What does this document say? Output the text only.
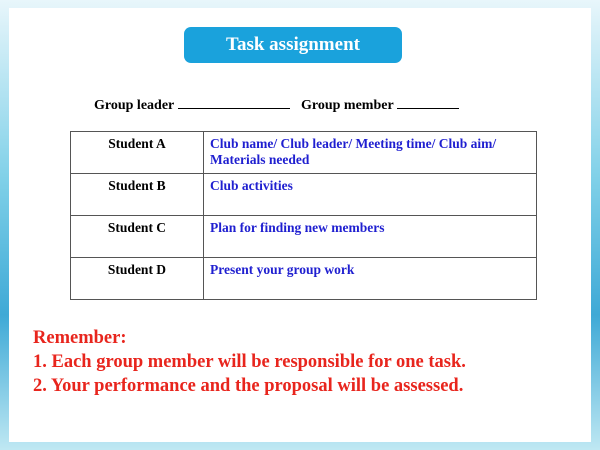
Task assignment
Group leader	Group member
Student A	Club name/ Club leader/ Meeting time/ Club aim/
Materials needed

Student B	Club activities
Student C	Plan for finding new members
Student D	Present your group work
Remember:
1. Each group member will be responsible for one task.
2. Your performance and the proposal will be assessed.
